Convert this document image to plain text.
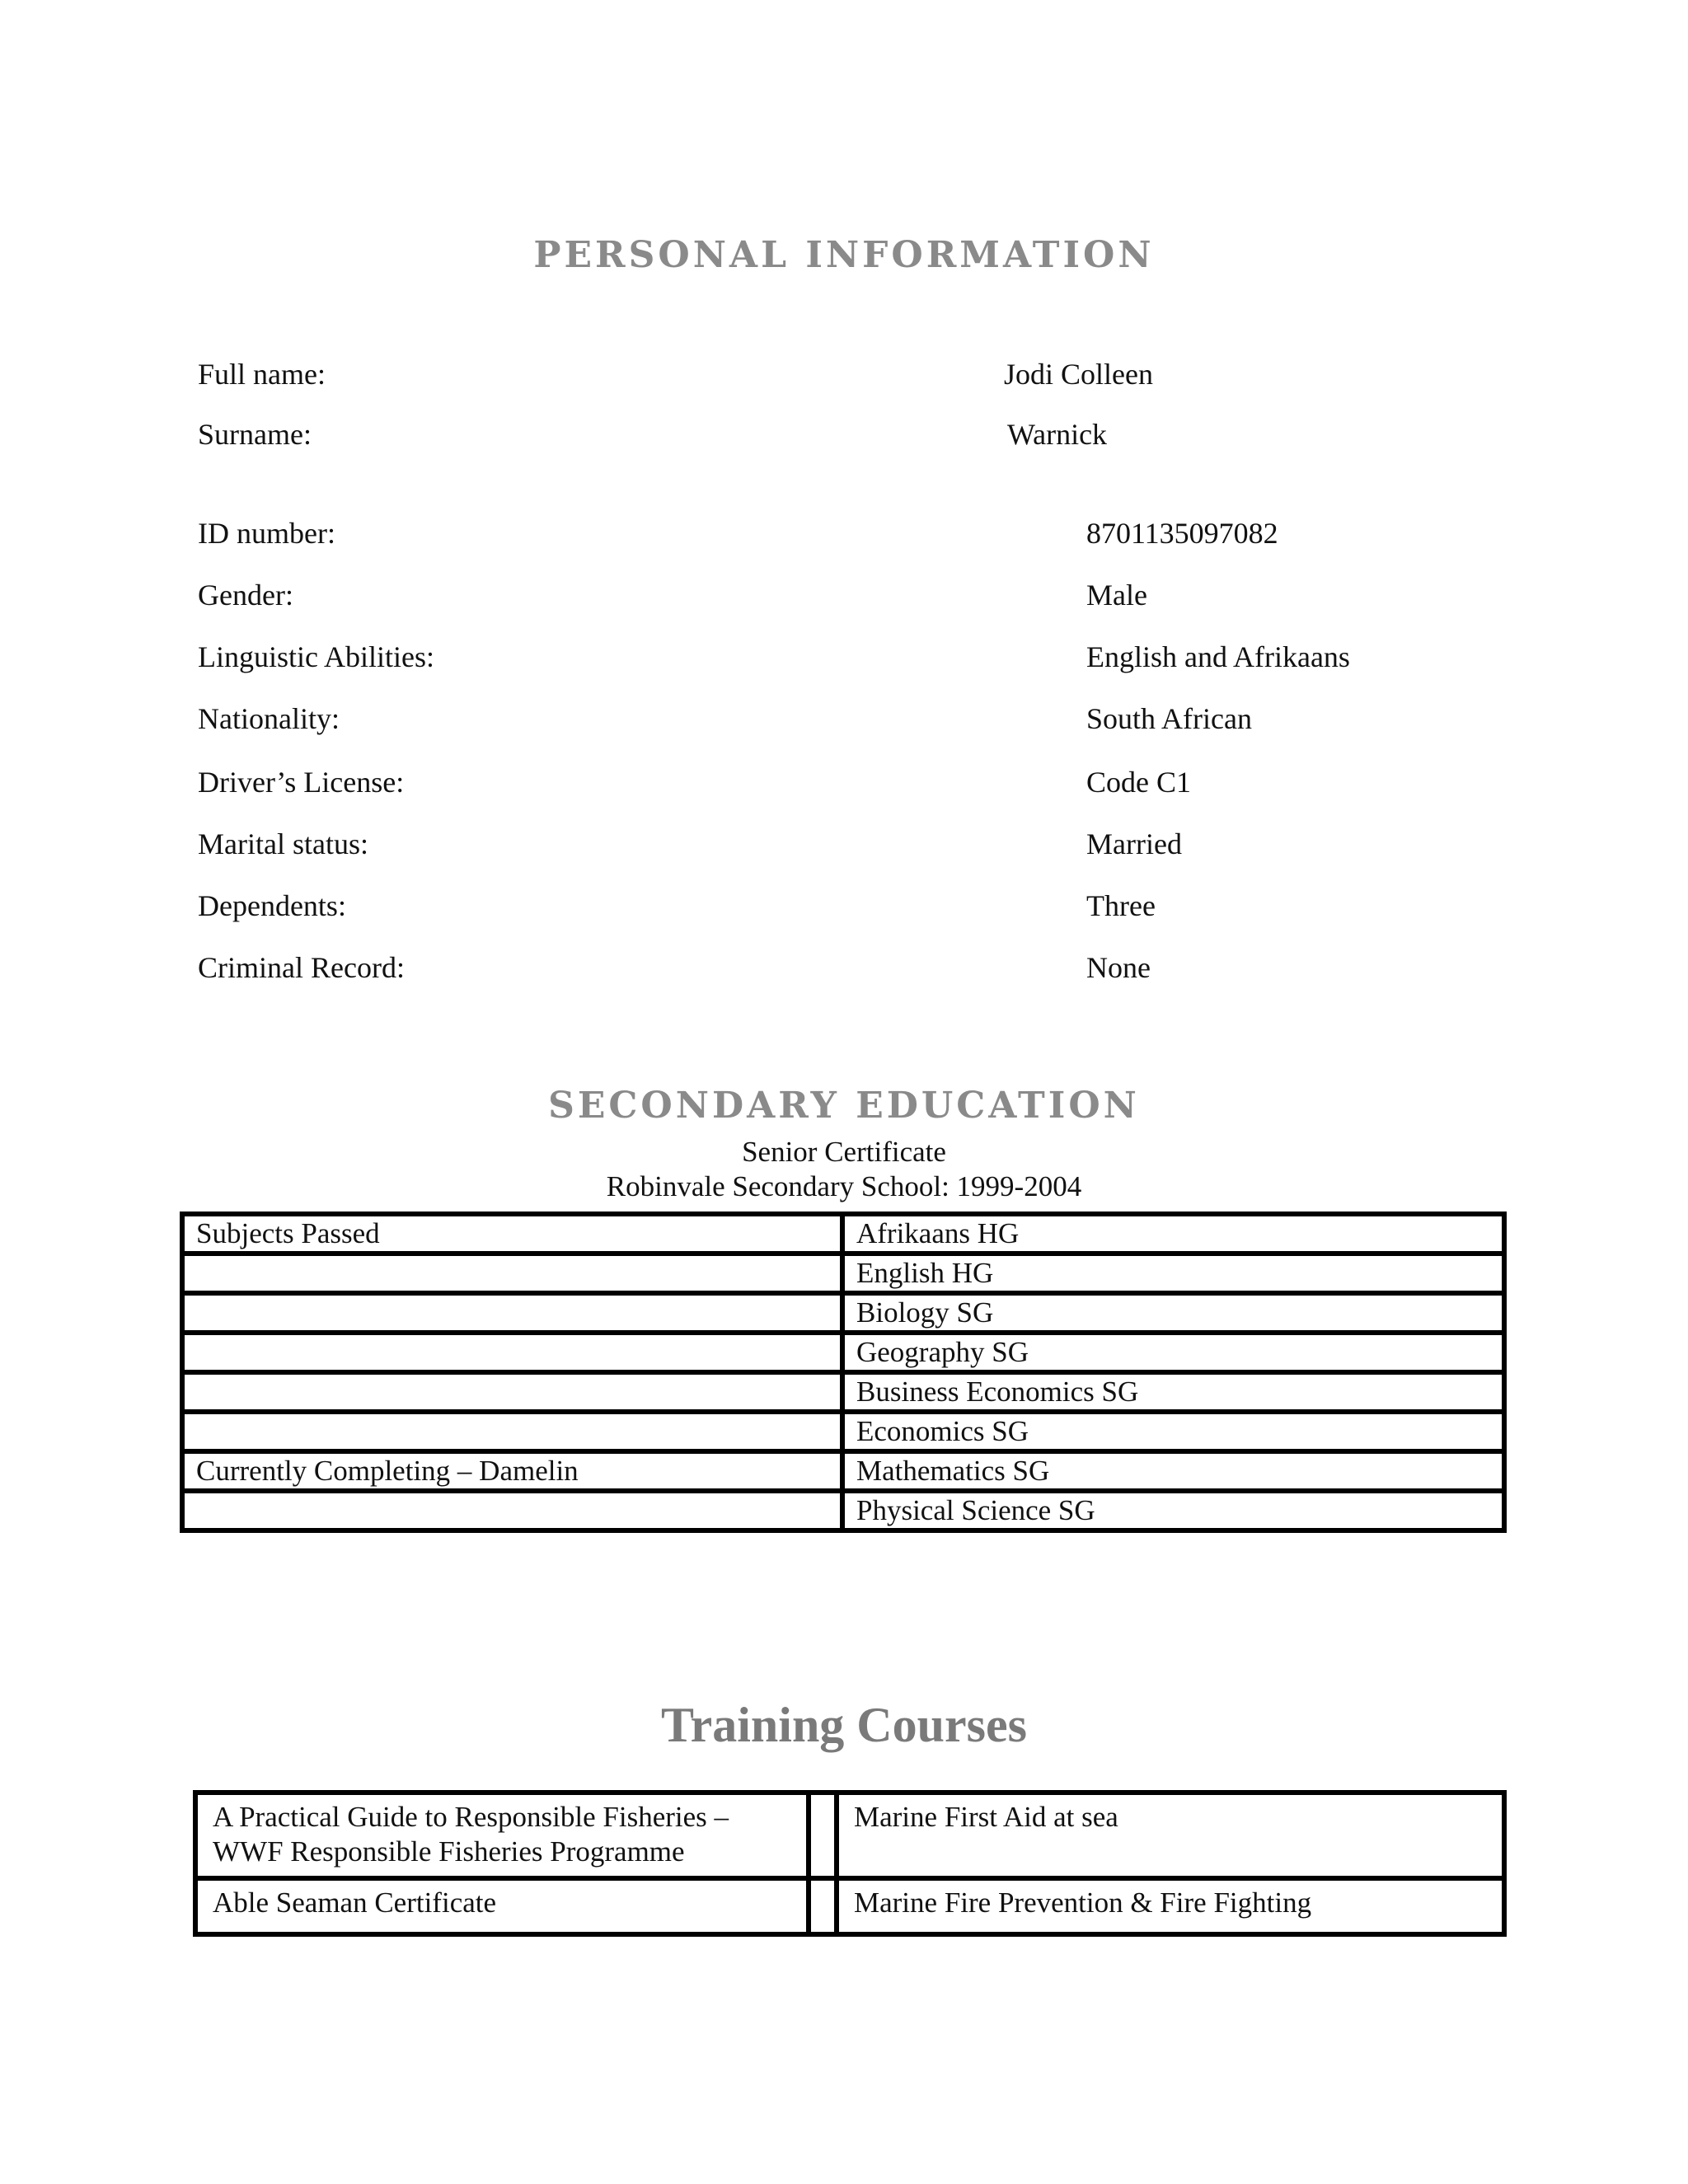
PERSONAL INFORMATION
Full name:	Jodi Colleen
Surname:	Warnick
ID number:	8701135097082
Gender:	Male
Linguistic Abilities:	English and Afrikaans
Nationality:	South African
Driver’s License:	Code C1
Marital status:	Married
Dependents:	Three
Criminal Record:	None
SECONDARY EDUCATION
Senior Certificate
Robinvale Secondary School: 1999-2004
Subjects Passed	Afrikaans HG
	English HG
	Biology SG
	Geography SG
	Business Economics SG
	Economics SG
Currently Completing – Damelin	Mathematics SG
	Physical Science SG
Training Courses
A Practical Guide to Responsible Fisheries –
WWF Responsible Fisheries Programme		Marine First Aid at sea
Able Seaman Certificate		Marine Fire Prevention & Fire Fighting
